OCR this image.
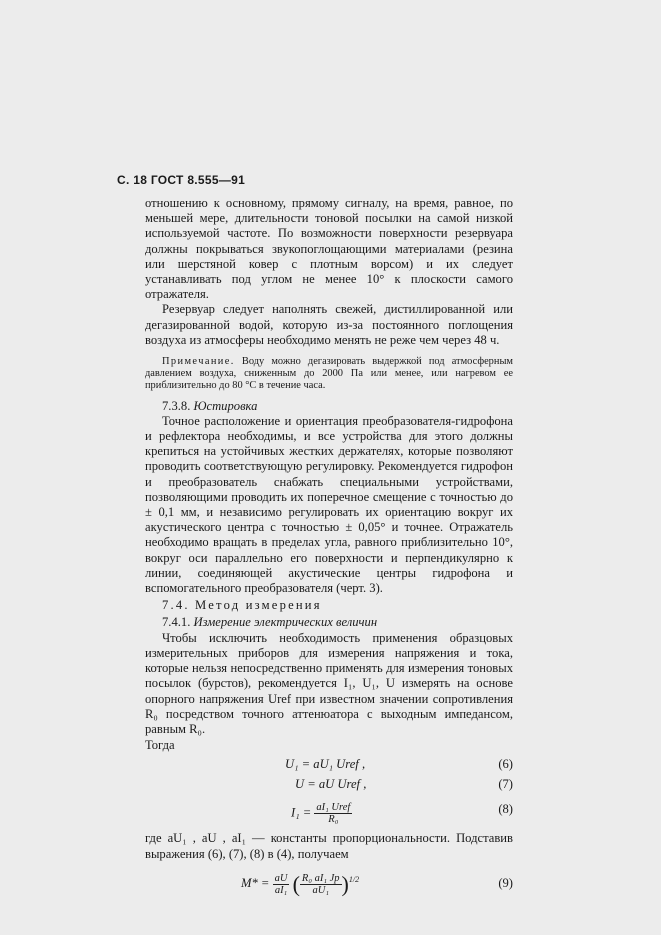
С. 18 ГОСТ 8.555—91

отношению к основному, прямому сигналу, на время, равное, по меньшей мере, длительности тоновой посылки на самой низкой используемой частоте. По возможности поверхности резервуара должны покрываться звукопоглощающими материалами (резина или шерстяной ковер с плотным ворсом) и их следует устанавливать под углом не менее 10° к плоскости самого отражателя.

Резервуар следует наполнять свежей, дистиллированной или дегазированной водой, которую из-за постоянного поглощения воздуха из атмосферы необходимо менять не реже чем через 48 ч.

Примечание. Воду можно дегазировать выдержкой под атмосферным давлением воздуха, сниженным до 2000 Па или менее, или нагревом ее приблизительно до 80 °С в течение часа.
7.3.8. Юстировка

Точное расположение и ориентация преобразователя-гидрофона и рефлектора необходимы, и все устройства для этого должны крепиться на устойчивых жестких держателях, которые позволяют проводить соответствующую регулировку. Рекомендуется гидрофон и преобразователь снабжать специальными устройствами, позволяющими проводить их поперечное смещение с точностью до ± 0,1 мм, и независимо регулировать их ориентацию вокруг их акустического центра с точностью ± 0,05° и точнее. Отражатель необходимо вращать в пределах угла, равного приблизительно 10°, вокруг оси параллельно его поверхности и перпендикулярно к линии, соединяющей акустические центры гидрофона и вспомогательного преобразователя (черт. 3).

7.4. Метод измерения
7.4.1. Измерение электрических величин

Чтобы исключить необходимость применения образцовых измерительных приборов для измерения напряжения и тока, которые нельзя непосредственно применять для измерения тоновых посылок (бурстов), рекомендуется I₁, U₁, U измерять на основе опорного напряжения Uref при известном значении сопротивления R₀ посредством точного аттенюатора с выходным импедансом, равным R₀.

Тогда

U₁ = aU₁ Uref ,	(6)
U = aU Uref ,	(7)
$I_1 = \frac{\text{aI₁ Uref}}{\text{R₀}}$	(8)

где aU₁ , aU , aI₁ — константы пропорциональности. Подставив выражения (6), (7), (8) в (4), получаем

$M* = \frac{aU}{\text{aI₁}}$ ( $\frac{\text{R₀ aI₁ Jp}}{\text{aU₁}} )^{1/2}$	(9)
